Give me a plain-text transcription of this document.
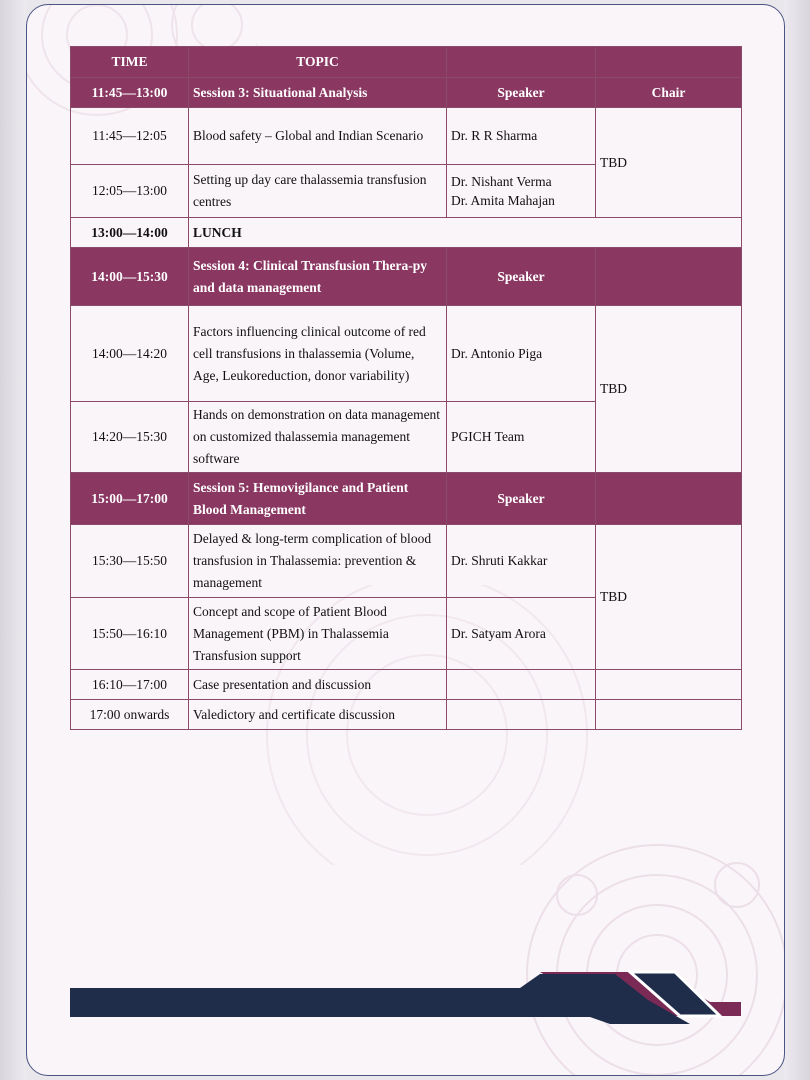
TIME	TOPIC		
11:45—13:00	Session 3: Situational Analysis	Speaker	Chair
11:45—12:05	Blood safety – Global and Indian Scenario	Dr. R R Sharma	TBD
12:05—13:00	Setting up day care thalassemia transfusion centres	Dr. Nishant Verma
Dr. Amita Mahajan	

13:00—14:00	LUNCH		
14:00—15:30	Session 4: Clinical Transfusion Thera-py and data management	Speaker	
14:00—14:20	Factors influencing clinical outcome of red cell transfusions in thalassemia (Volume, Age, Leukoreduction, donor variability)	Dr. Antonio Piga	TBD
14:20—15:30	Hands on demonstration on data management on customized thalassemia management software	PGICH Team	
15:00—17:00	Session 5: Hemovigilance and Patient Blood Management	Speaker	
15:30—15:50	Delayed & long-term complication of blood transfusion in Thalassemia: prevention & management	Dr. Shruti Kakkar	TBD
15:50—16:10	Concept and scope of Patient Blood Management (PBM) in Thalassemia Transfusion support	Dr. Satyam Arora	
16:10—17:00	Case presentation and discussion		
17:00 onwards	Valedictory and certificate discussion		
